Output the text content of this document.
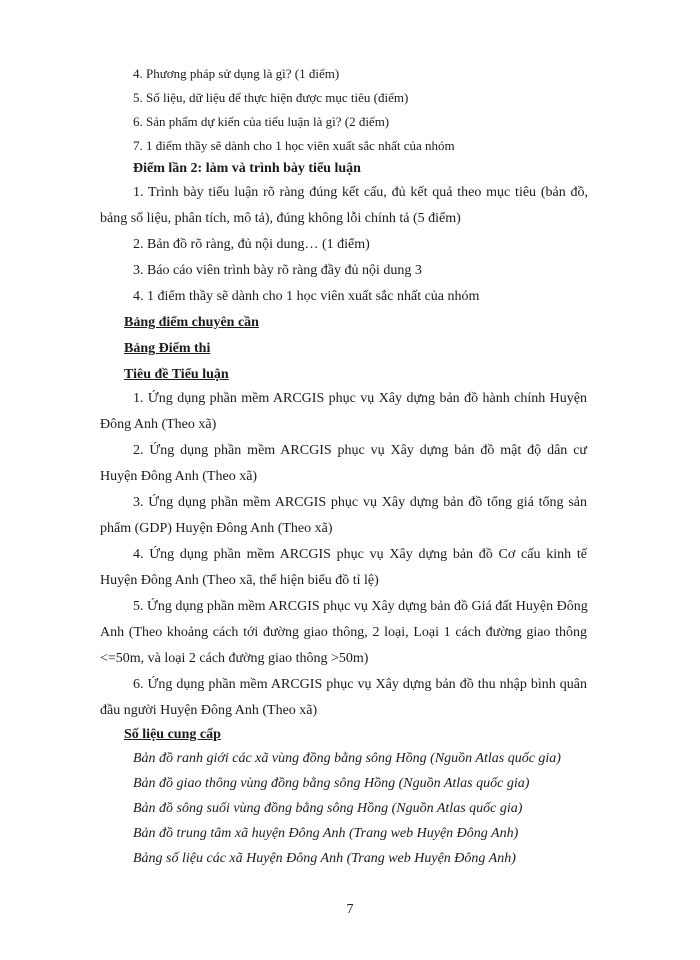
4. Phương pháp sử dụng là gì? (1 điểm)
5. Số liệu, dữ liệu để thực hiện được mục tiêu (điểm)
6. Sản phẩm dự kiến của tiểu luận là gì? (2 điểm)
7. 1 điểm thầy sẽ dành cho 1 học viên xuất sắc nhất của nhóm
Điểm lần 2: làm và trình bày tiểu luận
1. Trình bày tiểu luận rõ ràng đúng kết cấu, đủ kết quả theo mục tiêu (bản đồ,
bảng số liệu, phân tích, mô tả), đúng không lỗi chính tả (5 điểm)
2. Bản đồ rõ ràng, đủ nội dung… (1 điểm)
3. Báo cáo viên trình bày rõ ràng đầy đủ nội dung 3
4. 1 điểm thầy sẽ dành cho 1 học viên xuất sắc nhất của nhóm
Bảng điểm chuyên cần
Bảng Điểm thi
Tiêu đề Tiểu luận
1. Ứng dụng phần mềm ARCGIS phục vụ Xây dựng bản đồ hành chính Huyện
Đông Anh (Theo xã)
2. Ứng dụng phần mềm ARCGIS phục vụ Xây dựng bản đồ mật độ dân cư
Huyện Đông Anh (Theo xã)
3. Ứng dụng phần mềm ARCGIS phục vụ Xây dựng bản đồ tổng giá tổng sản
phẩm (GDP) Huyện Đông Anh (Theo xã)
4. Ứng dụng phần mềm ARCGIS phục vụ Xây dựng bản đồ Cơ cấu kinh tế
Huyện Đông Anh (Theo xã, thể hiện biểu đồ tỉ lệ)
5. Ứng dụng phần mềm ARCGIS phục vụ Xây dựng bản đồ Giá đất Huyện Đông
Anh (Theo khoảng cách tới đường giao thông, 2 loại, Loại 1 cách đường giao thông
<=50m, và loại 2 cách đường giao thông >50m)
6. Ứng dụng phần mềm ARCGIS phục vụ Xây dựng bản đồ thu nhập bình quân
đầu người Huyện Đông Anh (Theo xã)
Số liệu cung cấp
Bản đồ ranh giới các xã vùng đồng bằng sông Hồng (Nguồn Atlas quốc gia)
Bản đồ giao thông vùng đồng bằng sông Hồng (Nguồn Atlas quốc gia)
Bản đồ sông suối vùng đồng bằng sông Hồng (Nguồn Atlas quốc gia)
Bản đồ trung tâm xã huyện Đông Anh (Trang web Huyện Đông Anh)
Bảng số liệu các xã Huyện Đông Anh (Trang web Huyện Đông Anh)
7
